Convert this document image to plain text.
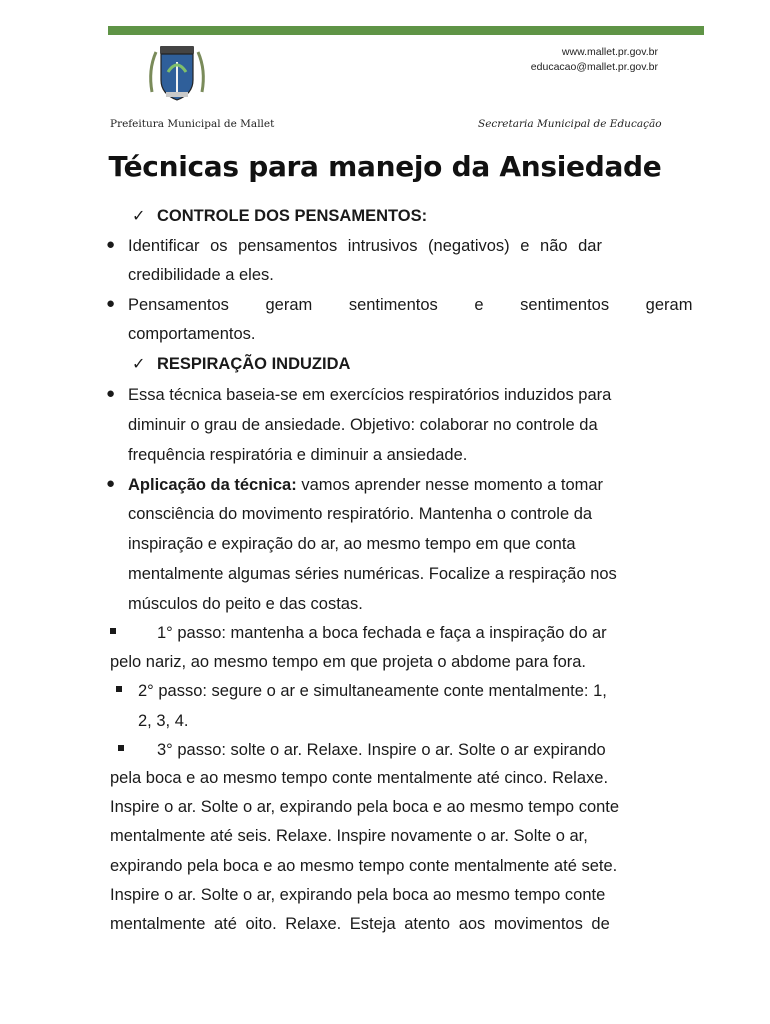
www.mallet.pr.gov.br
educacao@mallet.pr.gov.br
Prefeitura Municipal de Mallet	Secretaria Municipal de Educação
Técnicas para manejo da Ansiedade
✓ CONTROLE DOS PENSAMENTOS:
● Identificar os pensamentos intrusivos (negativos) e não dar
credibilidade a eles.
● Pensamentos geram sentimentos e sentimentos geram
comportamentos.
✓ RESPIRAÇÃO INDUZIDA
● Essa técnica baseia-se em exercícios respiratórios induzidos para
diminuir o grau de ansiedade. Objetivo: colaborar no controle da
frequência respiratória e diminuir a ansiedade.
● Aplicação da técnica: vamos aprender nesse momento a tomar
consciência do movimento respiratório. Mantenha o controle da
inspiração e expiração do ar, ao mesmo tempo em que conta
mentalmente algumas séries numéricas. Focalize a respiração nos
músculos do peito e das costas.
1° passo: mantenha a boca fechada e faça a inspiração do ar
pelo nariz, ao mesmo tempo em que projeta o abdome para fora.
2° passo: segure o ar e simultaneamente conte mentalmente: 1,
2, 3, 4.
3° passo: solte o ar. Relaxe. Inspire o ar. Solte o ar expirando
pela boca e ao mesmo tempo conte mentalmente até cinco. Relaxe.
Inspire o ar. Solte o ar, expirando pela boca e ao mesmo tempo conte
mentalmente até seis. Relaxe. Inspire novamente o ar. Solte o ar,
expirando pela boca e ao mesmo tempo conte mentalmente até sete.
Inspire o ar. Solte o ar, expirando pela boca ao mesmo tempo conte
mentalmente até oito. Relaxe. Esteja atento aos movimentos de
